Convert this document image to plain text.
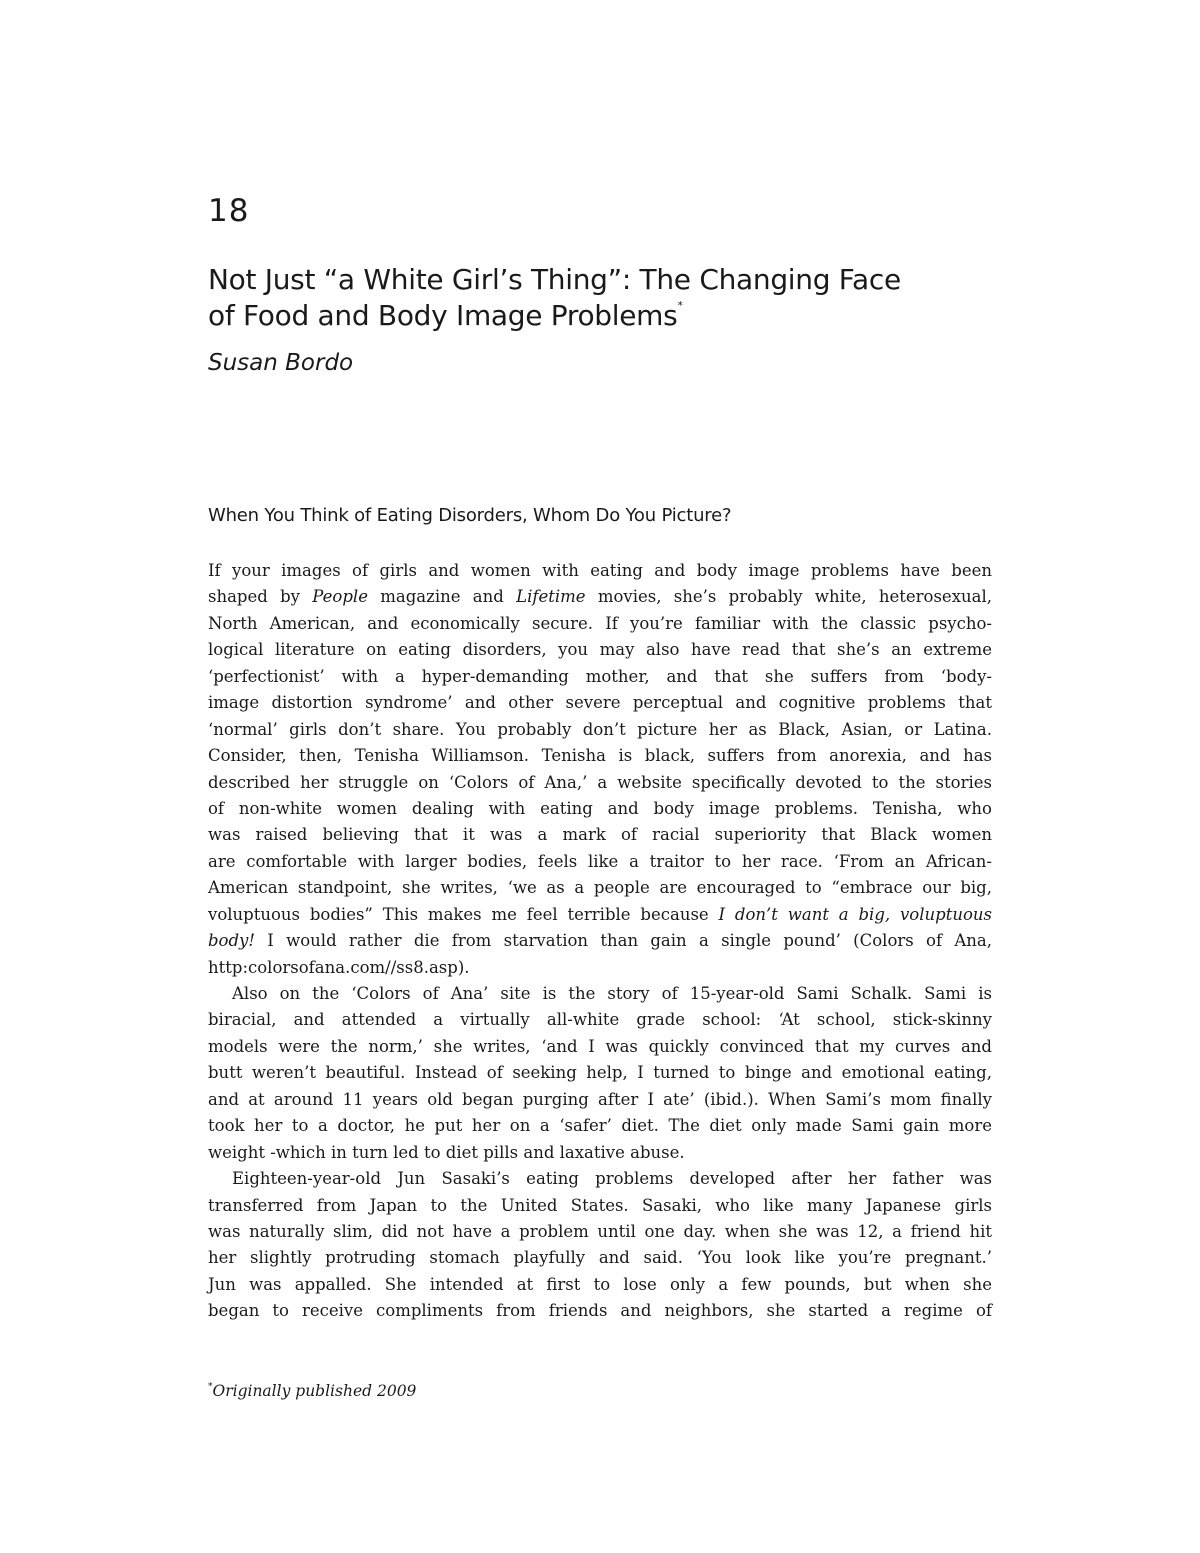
18
Not Just “a White Girl’s Thing”: The Changing Face
of Food and Body Image Problems*
Susan Bordo
When You Think of Eating Disorders, Whom Do You Picture?
If your images of girls and women with eating and body image problems have been
shaped by People magazine and Lifetime movies, she’s probably white, heterosexual,
North American, and economically secure. If you’re familiar with the classic psycho-
logical literature on eating disorders, you may also have read that she’s an extreme
‘perfectionist’ with a hyper-demanding mother, and that she suffers from ‘body-
image distortion syndrome’ and other severe perceptual and cognitive problems that
‘normal’ girls don’t share. You probably don’t picture her as Black, Asian, or Latina.
Consider, then, Tenisha Williamson. Tenisha is black, suffers from anorexia, and has
described her struggle on ‘Colors of Ana,’ a website specifically devoted to the stories
of non-white women dealing with eating and body image problems. Tenisha, who
was raised believing that it was a mark of racial superiority that Black women
are comfortable with larger bodies, feels like a traitor to her race. ‘From an African-
American standpoint, she writes, ‘we as a people are encouraged to “embrace our big,
voluptuous bodies” This makes me feel terrible because I don’t want a big, voluptuous
body! I would rather die from starvation than gain a single pound’ (Colors of Ana,
http:colorsofana.com//ss8.asp).
Also on the ‘Colors of Ana’ site is the story of 15-year-old Sami Schalk. Sami is
biracial, and attended a virtually all-white grade school: ‘At school, stick-skinny
models were the norm,’ she writes, ‘and I was quickly convinced that my curves and
butt weren’t beautiful. Instead of seeking help, I turned to binge and emotional eating,
and at around 11 years old began purging after I ate’ (ibid.). When Sami’s mom finally
took her to a doctor, he put her on a ‘safer’ diet. The diet only made Sami gain more
weight -which in turn led to diet pills and laxative abuse.
Eighteen-year-old Jun Sasaki’s eating problems developed after her father was
transferred from Japan to the United States. Sasaki, who like many Japanese girls
was naturally slim, did not have a problem until one day. when she was 12, a friend hit
her slightly protruding stomach playfully and said. ‘You look like you’re pregnant.’
Jun was appalled. She intended at first to lose only a few pounds, but when she
began to receive compliments from friends and neighbors, she started a regime of
*Originally published 2009
